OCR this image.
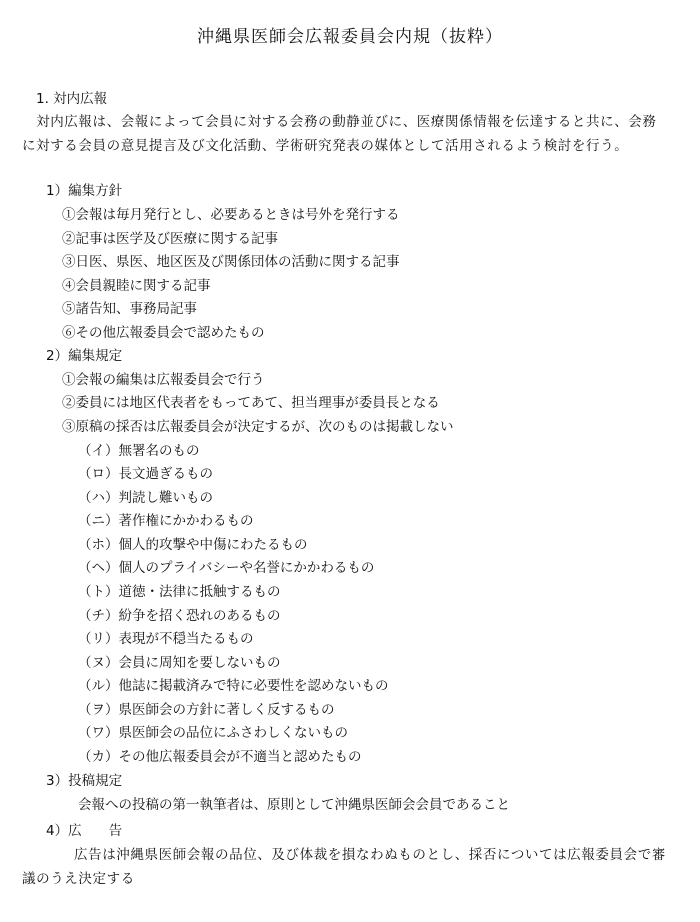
沖縄県医師会広報委員会内規（抜粋）
1. 対内広報
　対内広報は、会報によって会員に対する会務の動静並びに、医療関係情報を伝達すると共に、会務に対する会員の意見提言及び文化活動、学術研究発表の媒体として活用されるよう検討を行う。
1）編集方針
①会報は毎月発行とし、必要あるときは号外を発行する
②記事は医学及び医療に関する記事
③日医、県医、地区医及び関係団体の活動に関する記事
④会員親睦に関する記事
⑤諸告知、事務局記事
⑥その他広報委員会で認めたもの
2）編集規定
①会報の編集は広報委員会で行う
②委員には地区代表者をもってあて、担当理事が委員長となる
③原稿の採否は広報委員会が決定するが、次のものは掲載しない
（イ）無署名のもの
（ロ）長文過ぎるもの
（ハ）判読し難いもの
（ニ）著作権にかかわるもの
（ホ）個人的攻撃や中傷にわたるもの
（ヘ）個人のプライバシーや名誉にかかわるもの
（ト）道徳・法律に抵触するもの
（チ）紛争を招く恐れのあるもの
（リ）表現が不穏当たるもの
（ヌ）会員に周知を要しないもの
（ル）他誌に掲載済みで特に必要性を認めないもの
（ヲ）県医師会の方針に著しく反するもの
（ワ）県医師会の品位にふさわしくないもの
（カ）その他広報委員会が不適当と認めたもの
3）投稿規定
会報への投稿の第一執筆者は、原則として沖縄県医師会会員であること
4）広　　告
広告は沖縄県医師会報の品位、及び体裁を損なわぬものとし、採否については広報委員会で審議のうえ決定する
